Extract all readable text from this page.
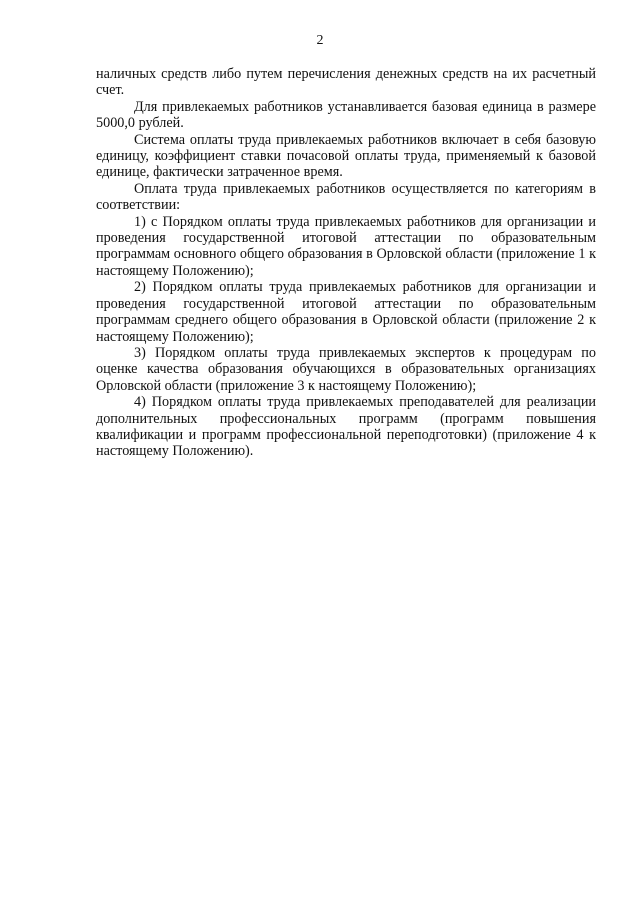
2

наличных средств либо путем перечисления денежных средств на их расчетный счет.

Для привлекаемых работников устанавливается базовая единица в размере 5000,0 рублей.

Система оплаты труда привлекаемых работников включает в себя базовую единицу, коэффициент ставки почасовой оплаты труда, применяемый к базовой единице, фактически затраченное время.

Оплата труда привлекаемых работников осуществляется по категориям в соответствии:

1) с Порядком оплаты труда привлекаемых работников для организации и проведения государственной итоговой аттестации по образовательным программам основного общего образования в Орловской области (приложение 1 к настоящему Положению);

2) Порядком оплаты труда привлекаемых работников для организации и проведения государственной итоговой аттестации по образовательным программам среднего общего образования в Орловской области (приложение 2 к настоящему Положению);

3) Порядком оплаты труда привлекаемых экспертов к процедурам по оценке качества образования обучающихся в образовательных организациях Орловской области (приложение 3 к настоящему Положению);

4) Порядком оплаты труда привлекаемых преподавателей для реализации дополнительных профессиональных программ (программ повышения квалификации и программ профессиональной переподготовки) (приложение 4 к настоящему Положению).
